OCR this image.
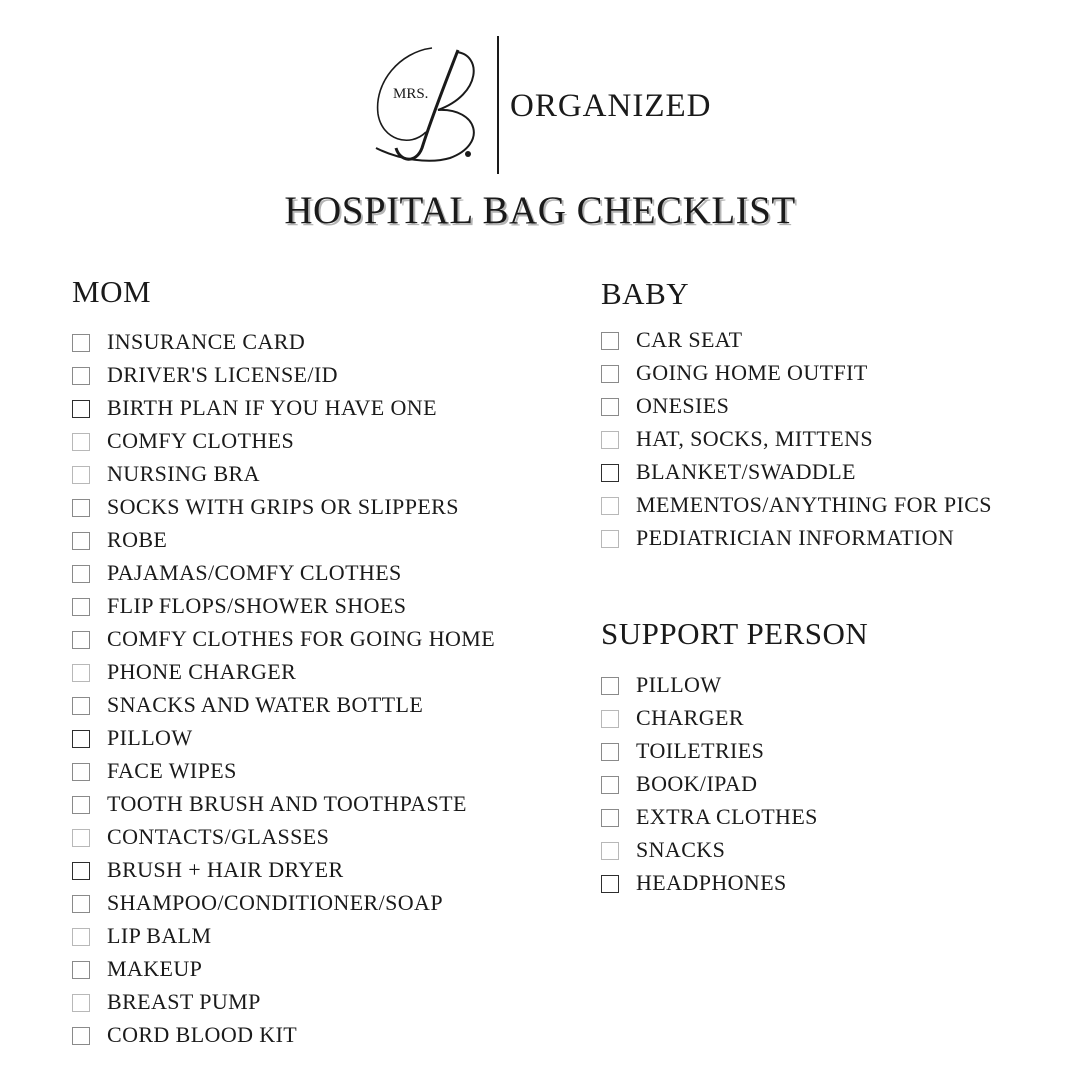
MRS. ORGANIZED
HOSPITAL BAG CHECKLIST
MOM
INSURANCE CARD
DRIVER'S LICENSE/ID
BIRTH PLAN IF YOU HAVE ONE
COMFY CLOTHES
NURSING BRA
SOCKS WITH GRIPS OR SLIPPERS
ROBE
PAJAMAS/COMFY CLOTHES
FLIP FLOPS/SHOWER SHOES
COMFY CLOTHES FOR GOING HOME
PHONE CHARGER
SNACKS AND WATER BOTTLE
PILLOW
FACE WIPES
TOOTH BRUSH AND TOOTHPASTE
CONTACTS/GLASSES
BRUSH + HAIR DRYER
SHAMPOO/CONDITIONER/SOAP
LIP BALM
MAKEUP
BREAST PUMP
CORD BLOOD KIT
BABY
CAR SEAT
GOING HOME OUTFIT
ONESIES
HAT, SOCKS, MITTENS
BLANKET/SWADDLE
MEMENTOS/ANYTHING FOR PICS
PEDIATRICIAN INFORMATION
SUPPORT PERSON
PILLOW
CHARGER
TOILETRIES
BOOK/IPAD
EXTRA CLOTHES
SNACKS
HEADPHONES
